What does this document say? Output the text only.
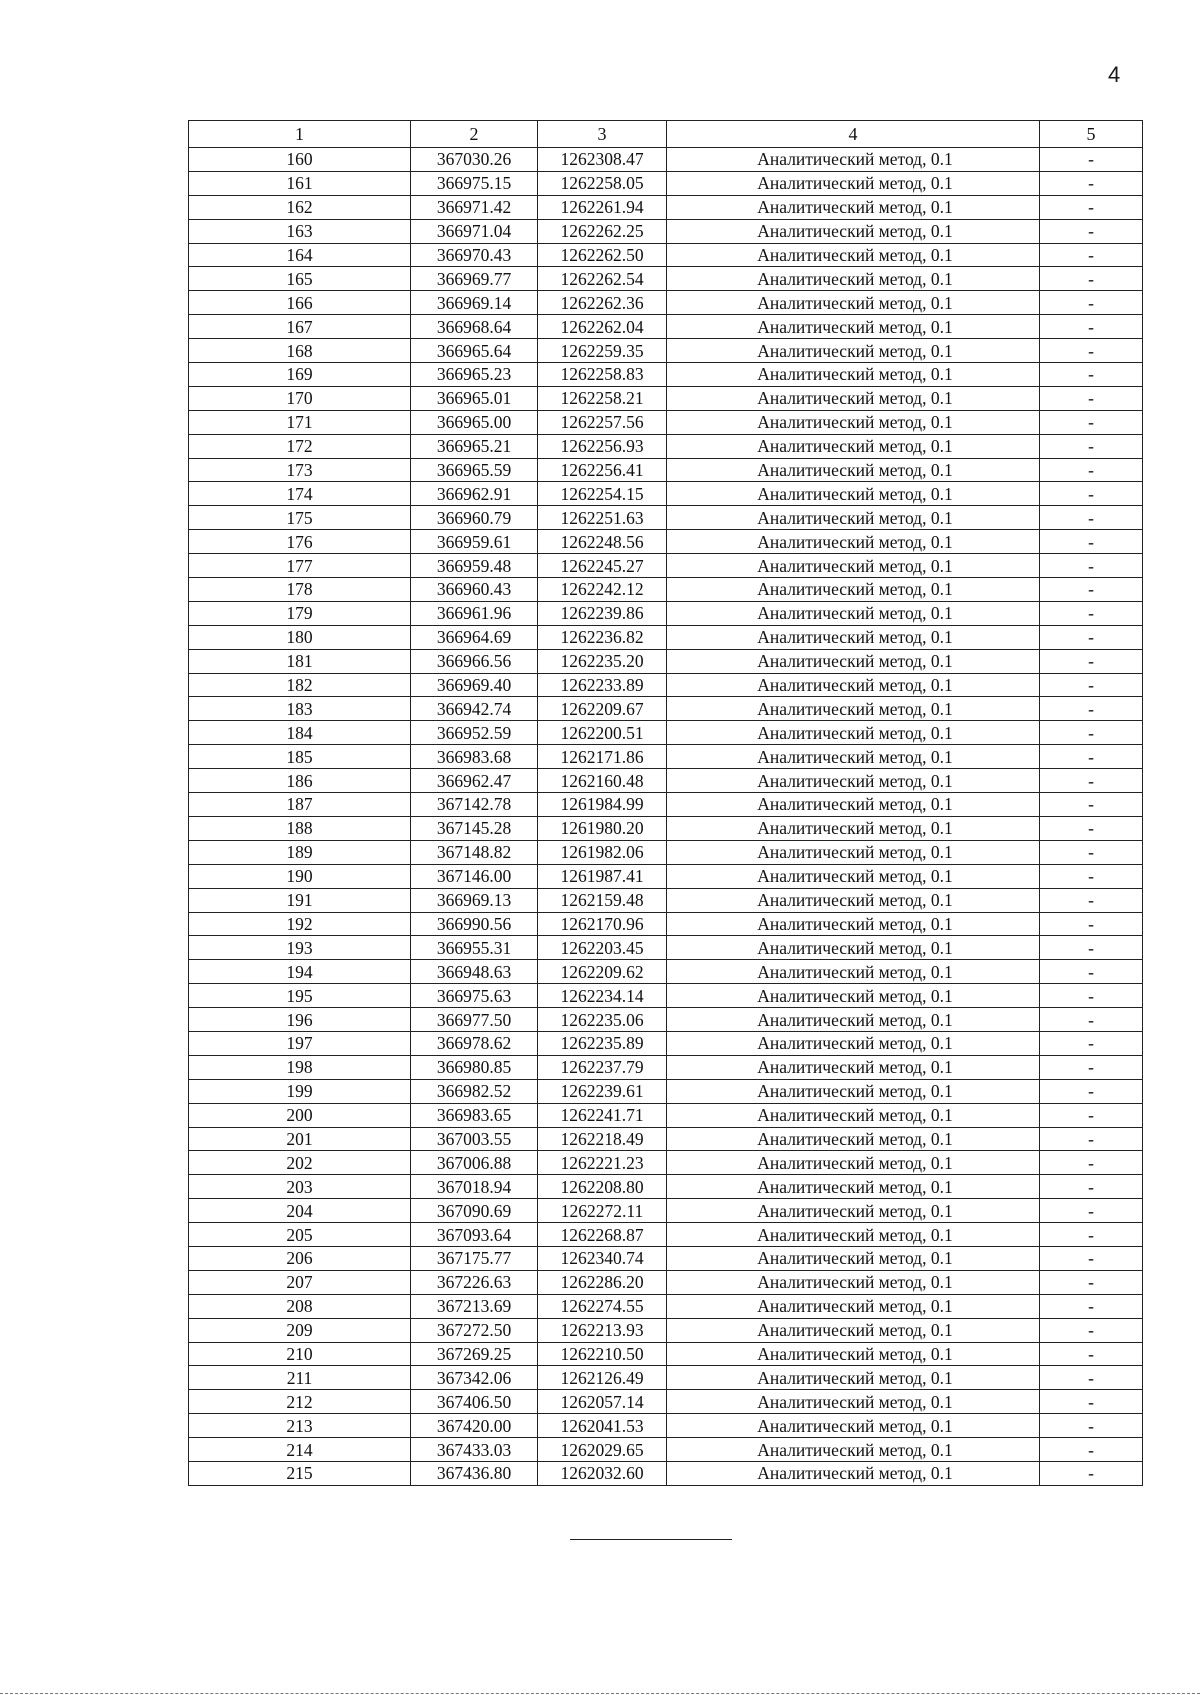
4
1	2	3	4	5
160	367030.26	1262308.47	Аналитический метод, 0.1	-
161	366975.15	1262258.05	Аналитический метод, 0.1	-
162	366971.42	1262261.94	Аналитический метод, 0.1	-
163	366971.04	1262262.25	Аналитический метод, 0.1	-
164	366970.43	1262262.50	Аналитический метод, 0.1	-
165	366969.77	1262262.54	Аналитический метод, 0.1	-
166	366969.14	1262262.36	Аналитический метод, 0.1	-
167	366968.64	1262262.04	Аналитический метод, 0.1	-
168	366965.64	1262259.35	Аналитический метод, 0.1	-
169	366965.23	1262258.83	Аналитический метод, 0.1	-
170	366965.01	1262258.21	Аналитический метод, 0.1	-
171	366965.00	1262257.56	Аналитический метод, 0.1	-
172	366965.21	1262256.93	Аналитический метод, 0.1	-
173	366965.59	1262256.41	Аналитический метод, 0.1	-
174	366962.91	1262254.15	Аналитический метод, 0.1	-
175	366960.79	1262251.63	Аналитический метод, 0.1	-
176	366959.61	1262248.56	Аналитический метод, 0.1	-
177	366959.48	1262245.27	Аналитический метод, 0.1	-
178	366960.43	1262242.12	Аналитический метод, 0.1	-
179	366961.96	1262239.86	Аналитический метод, 0.1	-
180	366964.69	1262236.82	Аналитический метод, 0.1	-
181	366966.56	1262235.20	Аналитический метод, 0.1	-
182	366969.40	1262233.89	Аналитический метод, 0.1	-
183	366942.74	1262209.67	Аналитический метод, 0.1	-
184	366952.59	1262200.51	Аналитический метод, 0.1	-
185	366983.68	1262171.86	Аналитический метод, 0.1	-
186	366962.47	1262160.48	Аналитический метод, 0.1	-
187	367142.78	1261984.99	Аналитический метод, 0.1	-
188	367145.28	1261980.20	Аналитический метод, 0.1	-
189	367148.82	1261982.06	Аналитический метод, 0.1	-
190	367146.00	1261987.41	Аналитический метод, 0.1	-
191	366969.13	1262159.48	Аналитический метод, 0.1	-
192	366990.56	1262170.96	Аналитический метод, 0.1	-
193	366955.31	1262203.45	Аналитический метод, 0.1	-
194	366948.63	1262209.62	Аналитический метод, 0.1	-
195	366975.63	1262234.14	Аналитический метод, 0.1	-
196	366977.50	1262235.06	Аналитический метод, 0.1	-
197	366978.62	1262235.89	Аналитический метод, 0.1	-
198	366980.85	1262237.79	Аналитический метод, 0.1	-
199	366982.52	1262239.61	Аналитический метод, 0.1	-
200	366983.65	1262241.71	Аналитический метод, 0.1	-
201	367003.55	1262218.49	Аналитический метод, 0.1	-
202	367006.88	1262221.23	Аналитический метод, 0.1	-
203	367018.94	1262208.80	Аналитический метод, 0.1	-
204	367090.69	1262272.11	Аналитический метод, 0.1	-
205	367093.64	1262268.87	Аналитический метод, 0.1	-
206	367175.77	1262340.74	Аналитический метод, 0.1	-
207	367226.63	1262286.20	Аналитический метод, 0.1	-
208	367213.69	1262274.55	Аналитический метод, 0.1	-
209	367272.50	1262213.93	Аналитический метод, 0.1	-
210	367269.25	1262210.50	Аналитический метод, 0.1	-
211	367342.06	1262126.49	Аналитический метод, 0.1	-
212	367406.50	1262057.14	Аналитический метод, 0.1	-
213	367420.00	1262041.53	Аналитический метод, 0.1	-
214	367433.03	1262029.65	Аналитический метод, 0.1	-
215	367436.80	1262032.60	Аналитический метод, 0.1	-
